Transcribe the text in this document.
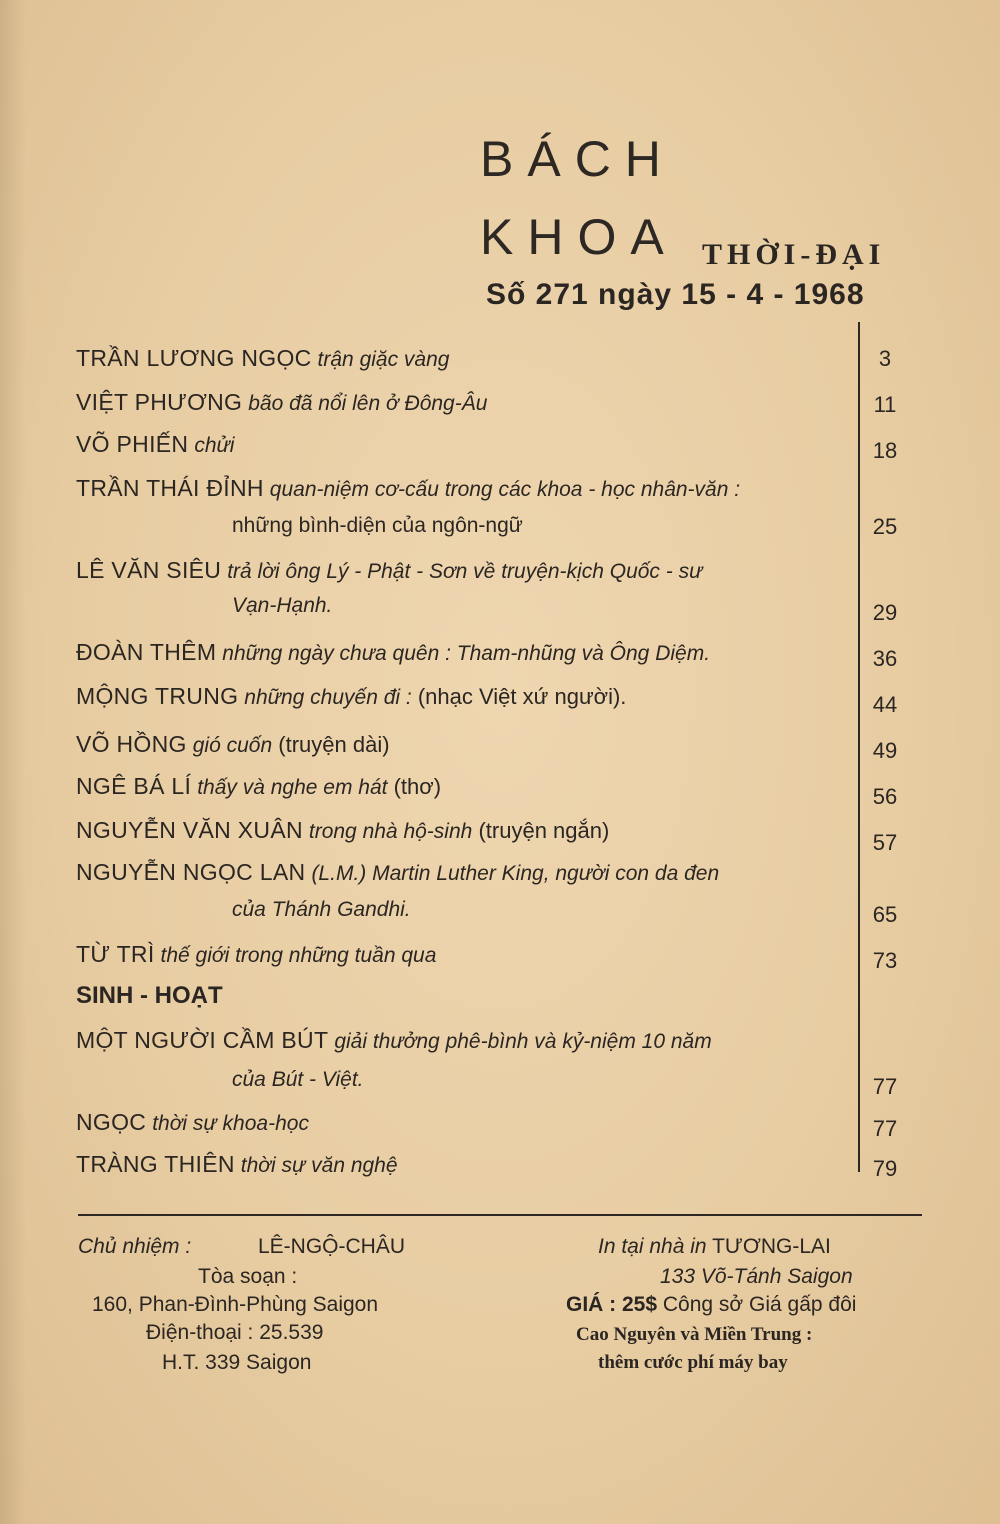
BÁCH
KHOA THỜI-ĐẠI
Số 271 ngày 15 - 4 - 1968
TRẦN LƯƠNG NGỌC trận giặc vàng	3
VIỆT PHƯƠNG bão đã nổi lên ở Đông-Âu	11
VÕ PHIẾN chửi	18
TRẦN THÁI ĐỈNH quan-niệm cơ-cấu trong các khoa - học nhân-văn :
những bình-diện của ngôn-ngữ	25
LÊ VĂN SIÊU trả lời ông Lý - Phật - Sơn về truyện-kịch Quốc - sư
Vạn-Hạnh.	29
ĐOÀN THÊM những ngày chưa quên : Tham-nhũng và Ông Diệm.	36
MỘNG TRUNG những chuyến đi : (nhạc Việt xứ người).	44
VÕ HỒNG gió cuốn (truyện dài)	49
NGÊ BÁ LÍ thấy và nghe em hát (thơ)	56
NGUYỄN VĂN XUÂN trong nhà hộ-sinh (truyện ngắn)	57
NGUYỄN NGỌC LAN (L.M.) Martin Luther King, người con da đen
của Thánh Gandhi.	65
TỪ TRÌ thế giới trong những tuần qua	73
SINH - HOẠT
MỘT NGƯỜI CẦM BÚT giải thưởng phê-bình và kỷ-niệm 10 năm
của Bút - Việt.	77
NGỌC thời sự khoa-học	77
TRÀNG THIÊN thời sự văn nghệ	79
Chủ nhiệm :	LÊ-NGỘ-CHÂU
Tòa soạn :
160, Phan-Đình-Phùng Saigon
Điện-thoại : 25.539
H.T. 339 Saigon
In tại nhà in TƯƠNG-LAI
133 Võ-Tánh Saigon
GIÁ : 25$ Công sở Giá gấp đôi
Cao Nguyên và Miền Trung :
thêm cước phí máy bay
